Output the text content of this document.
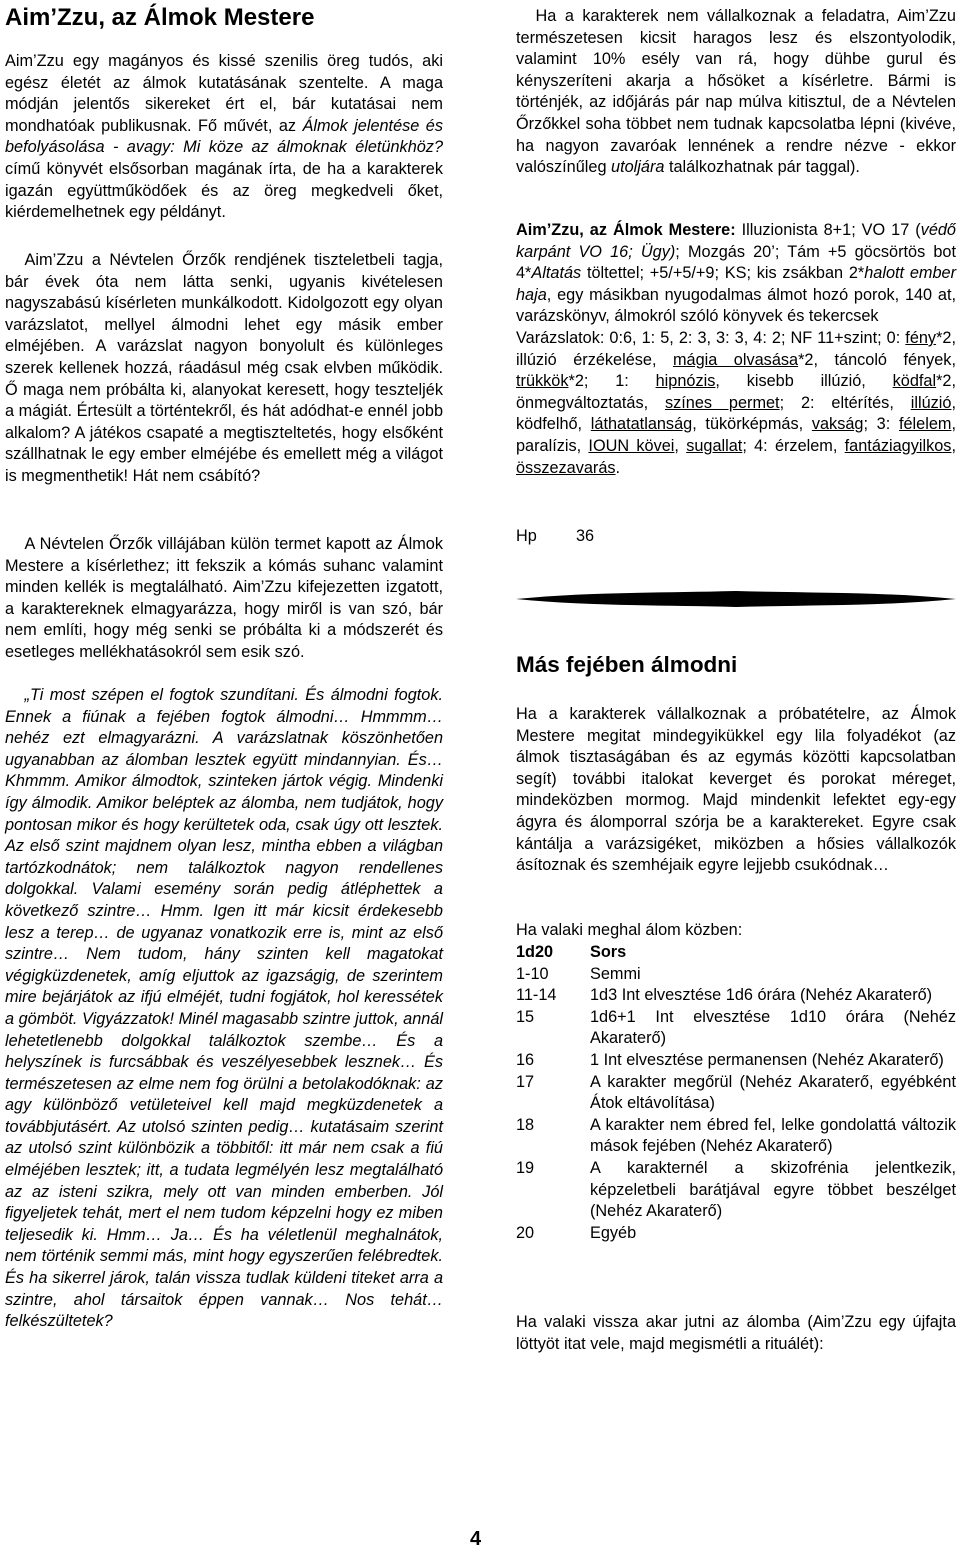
Aim’Zzu, az Álmok Mestere

Aim’Zzu egy magányos és kissé szenilis öreg tudós, aki egész életét az álmok kutatásának szentelte. A maga módján jelentős sikereket ért el, bár kutatásai nem mondhatóak publikusnak. Fő művét, az Álmok jelentése és befolyásolása - avagy: Mi köze az álmoknak életünkhöz? című könyvét elsősorban magának írta, de ha a karakterek igazán együttműködőek és az öreg megkedveli őket, kiérdemelhetnek egy példányt.

Aim’Zzu a Névtelen Őrzők rendjének tiszteletbeli tagja, bár évek óta nem látta senki, ugyanis kivételesen nagyszabású kísérleten munkálkodott. Kidolgozott egy olyan varázslatot, mellyel álmodni lehet egy másik ember elméjében. A varázslat nagyon bonyolult és különleges szerek kellenek hozzá, ráadásul még csak elvben működik. Ő maga nem próbálta ki, alanyokat keresett, hogy teszteljék a mágiát. Értesült a történtekről, és hát adódhat-e ennél jobb alkalom? A játékos csapaté a megtiszteltetés, hogy elsőként szállhatnak le egy ember elméjébe és emellett még a világot is megmenthetik! Hát nem csábító?

A Névtelen Őrzők villájában külön termet kapott az Álmok Mestere a kísérlethez; itt fekszik a kómás suhanc valamint minden kellék is megtalálható. Aim’Zzu kifejezetten izgatott, a karaktereknek elmagyarázza, hogy miről is van szó, bár nem említi, hogy még senki se próbálta ki a módszerét és esetleges mellékhatásokról sem esik szó.

„Ti most szépen el fogtok szundítani. És álmodni fogtok. Ennek a fiúnak a fejében fogtok álmodni… Hmmmm… nehéz ezt elmagyarázni. A varázslatnak köszönhetően ugyanabban az álomban lesztek együtt mindannyian. És… Khmmm. Amikor álmodtok, szinteken jártok végig. Mindenki így álmodik. Amikor beléptek az álomba, nem tudjátok, hogy pontosan mikor és hogy kerültetek oda, csak úgy ott lesztek. Az első szint majdnem olyan lesz, mintha ebben a világban tartózkodnátok; nem találkoztok nagyon rendellenes dolgokkal. Valami esemény során pedig átléphettek a következő szintre… Hmm. Igen itt már kicsit érdekesebb lesz a terep… de ugyanaz vonatkozik erre is, mint az első szintre… Nem tudom, hány szinten kell magatokat végigküzdenetek, amíg eljuttok az igazságig, de szerintem mire bejárjátok az ifjú elméjét, tudni fogjátok, hol keressétek a gömböt. Vigyázzatok! Minél magasabb szintre juttok, annál lehetetlenebb dolgokkal találkoztok szembe… És a helyszínek is furcsábbak és veszélyesebbek lesznek… És természetesen az elme nem fog örülni a betolakodóknak: az agy különböző vetületeivel kell majd megküzdenetek a továbbjutásért. Az utolsó szinten pedig… kutatásaim szerint az utolsó szint különbözik a többitől: itt már nem csak a fiú elméjében lesztek; itt, a tudata legmélyén lesz megtalálható az az isteni szikra, mely ott van minden emberben. Jól figyeljetek tehát, mert el nem tudom képzelni hogy ez miben teljesedik ki. Hmm… Ja… És ha véletlenül meghalnátok, nem történik semmi más, mint hogy egyszerűen felébredtek. És ha sikerrel járok, talán vissza tudlak küldeni titeket arra a szintre, ahol társaitok éppen vannak… Nos tehát… felkészültetek?

Ha a karakterek nem vállalkoznak a feladatra, Aim’Zzu természetesen kicsit haragos lesz és elszontyolodik, valamint 10% esély van rá, hogy dühbe gurul és kényszeríteni akarja a hősöket a kísérletre. Bármi is történjék, az időjárás pár nap múlva kitisztul, de a Névtelen Őrzőkkel soha többet nem tudnak kapcsolatba lépni (kivéve, ha nagyon zavaróak lennének a rendre nézve - ekkor valószínűleg utoljára találkozhatnak pár taggal).

Aim’Zzu, az Álmok Mestere: Illuzionista 8+1; VO 17 (védő karpánt VO 16; Ügy); Mozgás 20’; Tám +5 göcsörtös bot 4*Altatás töltettel; +5/+5/+9; KS; kis zsákban 2*halott ember haja, egy másikban nyugodalmas álmot hozó porok, 140 at, varázskönyv, álmokról szóló könyvek és tekercsek
Varázslatok: 0:6, 1: 5, 2: 3, 3: 3, 4: 2; NF 11+szint; 0: fény*2, illúzió érzékelése, mágia olvasása*2, táncoló fények, trükkök*2; 1: hipnózis, kisebb illúzió, ködfal*2, önmegváltoztatás, színes permet; 2: eltérítés, illúzió, ködfelhő, láthatatlanság, tükörképmás, vakság; 3: félelem, paralízis, IOUN kövei, sugallat; 4: érzelem, fantáziagyilkos, összezavarás.

Hp 36
Más fejében álmodni

Ha a karakterek vállalkoznak a próbatételre, az Álmok Mestere megitat mindegyikükkel egy lila folyadékot (az álmok tisztaságában és az egymás közötti kapcsolatban segít) további italokat keverget és porokat méreget, mindeközben mormog. Majd mindenkit lefektet egy-egy ágyra és álomporral szórja be a karaktereket. Egyre csak kántálja a varázsigéket, miközben a hősies vállalkozók ásítoznak és szemhéjaik egyre lejjebb csukódnak…

Ha valaki meghal álom közben:
1d20	Sors
1-10	Semmi
11-14	1d3 Int elvesztése 1d6 órára (Nehéz Akaraterő)
15	1d6+1 Int elvesztése 1d10 órára (Nehéz Akaraterő)
16	1 Int elvesztése permanensen (Nehéz Akaraterő)
17	A karakter megőrül (Nehéz Akaraterő, egyébként Átok eltávolítása)
18	A karakter nem ébred fel, lelke gondolattá változik mások fejében (Nehéz Akaraterő)
19	A karakternél a skizofrénia jelentkezik, képzeletbeli barátjával egyre többet beszélget (Nehéz Akaraterő)
20	Egyéb

Ha valaki vissza akar jutni az álomba (Aim’Zzu egy újfajta löttyöt itat vele, majd megismétli a rituálét):

4
